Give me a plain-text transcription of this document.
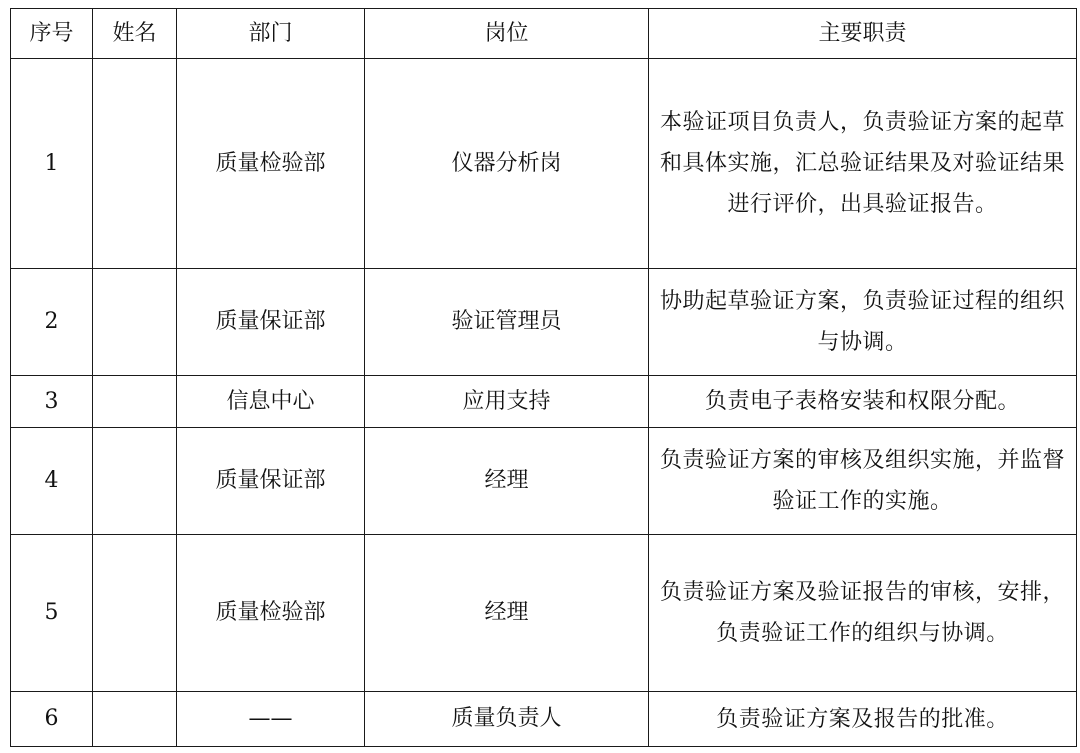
序号	姓名	部门	岗位	主要职责
1		质量检验部	仪器分析岗	本验证项目负责人，负责验证方案的起草和具体实施，汇总验证结果及对验证结果进行评价，出具验证报告。
2		质量保证部	验证管理员	协助起草验证方案，负责验证过程的组织与协调。
3		信息中心	应用支持	负责电子表格安装和权限分配。
4		质量保证部	经理	负责验证方案的审核及组织实施，并监督验证工作的实施。
5		质量检验部	经理	负责验证方案及验证报告的审核，安排，负责验证工作的组织与协调。
6		——	质量负责人	负责验证方案及报告的批准。
